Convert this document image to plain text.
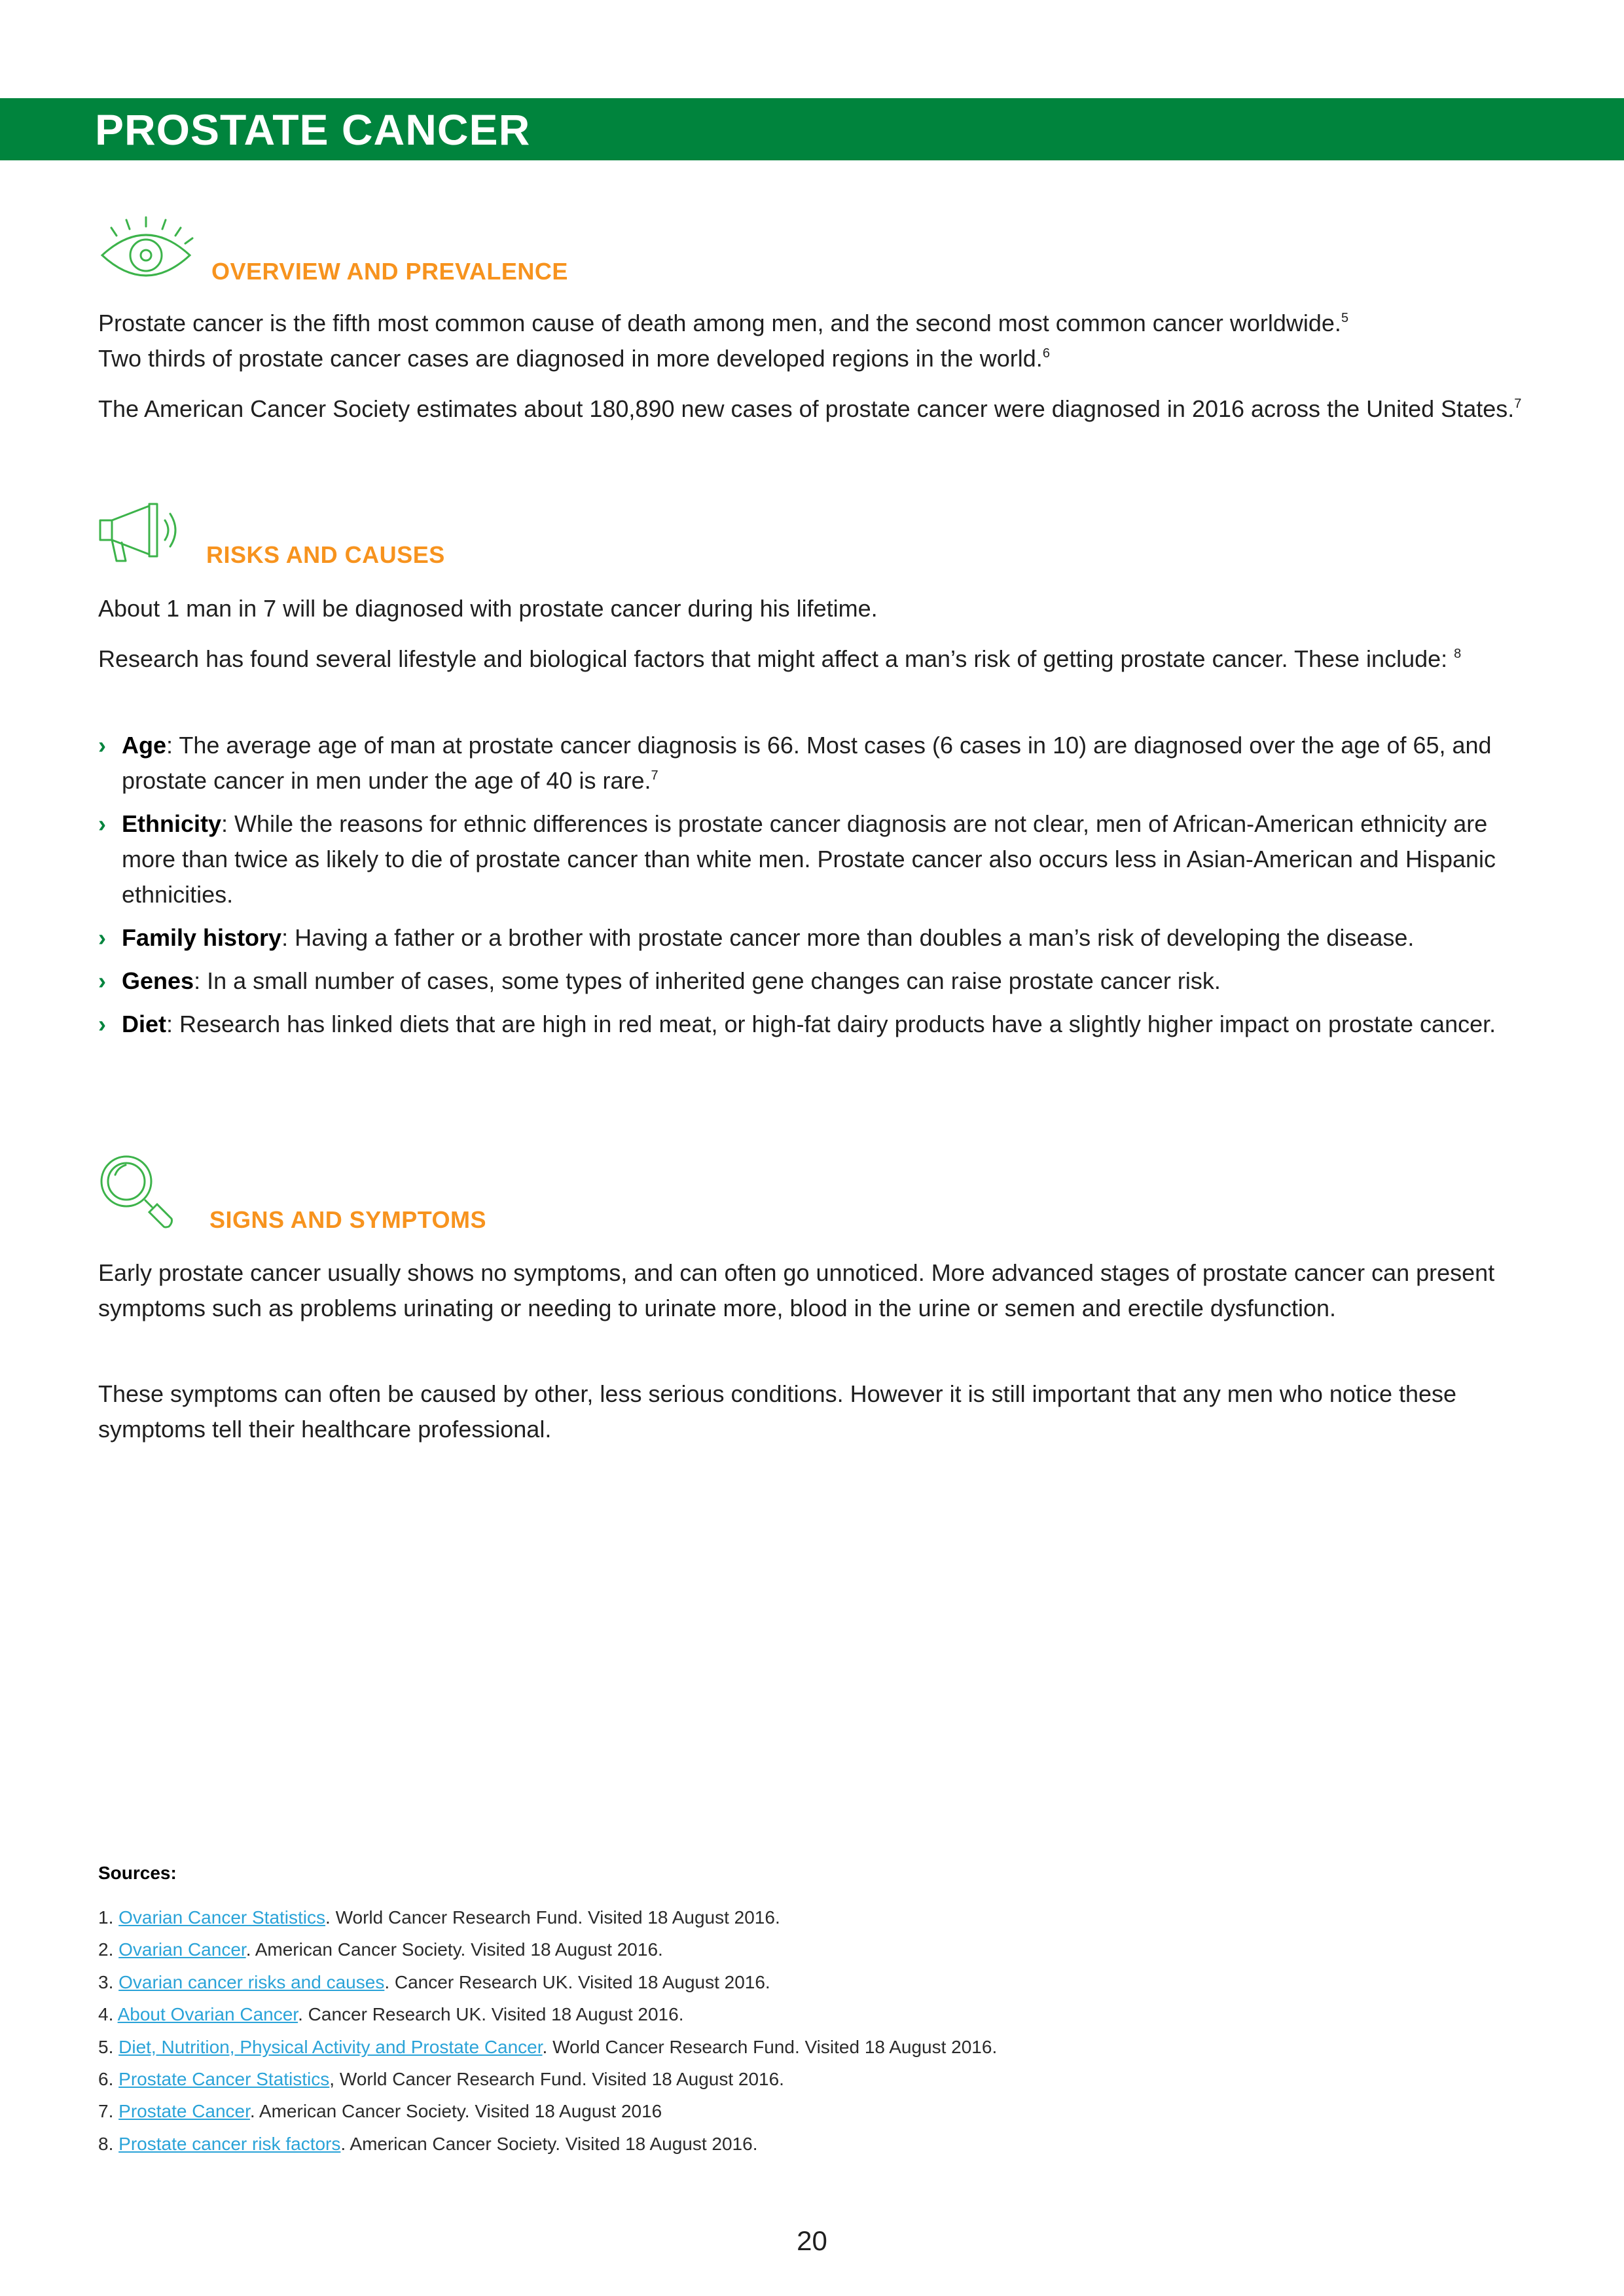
PROSTATE CANCER
OVERVIEW AND PREVALENCE

Prostate cancer is the fifth most common cause of death among men, and the second most common cancer worldwide.$^5$
Two thirds of prostate cancer cases are diagnosed in more developed regions in the world.$^6$

The American Cancer Society estimates about 180,890 new cases of prostate cancer were diagnosed in 2016 across the United States.$^7$

RISKS AND CAUSES

About 1 man in 7 will be diagnosed with prostate cancer during his lifetime.

Research has found several lifestyle and biological factors that might affect a man’s risk of getting prostate cancer. These include: $^8$

› Age: The average age of man at prostate cancer diagnosis is 66. Most cases (6 cases in 10) are diagnosed over the age of 65, and prostate cancer in men under the age of 40 is rare.$^7$
› Ethnicity: While the reasons for ethnic differences is prostate cancer diagnosis are not clear, men of African-American ethnicity are more than twice as likely to die of prostate cancer than white men. Prostate cancer also occurs less in Asian-American and Hispanic ethnicities.
› Family history: Having a father or a brother with prostate cancer more than doubles a man’s risk of developing the disease.
› Genes: In a small number of cases, some types of inherited gene changes can raise prostate cancer risk.
› Diet: Research has linked diets that are high in red meat, or high-fat dairy products have a slightly higher impact on prostate cancer.
SIGNS AND SYMPTOMS

Early prostate cancer usually shows no symptoms, and can often go unnoticed. More advanced stages of prostate cancer can present symptoms such as problems urinating or needing to urinate more, blood in the urine or semen and erectile dysfunction.

These symptoms can often be caused by other, less serious conditions. However it is still important that any men who notice these symptoms tell their healthcare professional.

Sources:
1. Ovarian Cancer Statistics. World Cancer Research Fund. Visited 18 August 2016.
2. Ovarian Cancer. American Cancer Society. Visited 18 August 2016.
3. Ovarian cancer risks and causes. Cancer Research UK. Visited 18 August 2016.
4. About Ovarian Cancer. Cancer Research UK. Visited 18 August 2016.
5. Diet, Nutrition, Physical Activity and Prostate Cancer. World Cancer Research Fund. Visited 18 August 2016.
6. Prostate Cancer Statistics, World Cancer Research Fund. Visited 18 August 2016.
7. Prostate Cancer. American Cancer Society. Visited 18 August 2016
8. Prostate cancer risk factors. American Cancer Society. Visited 18 August 2016.
20
